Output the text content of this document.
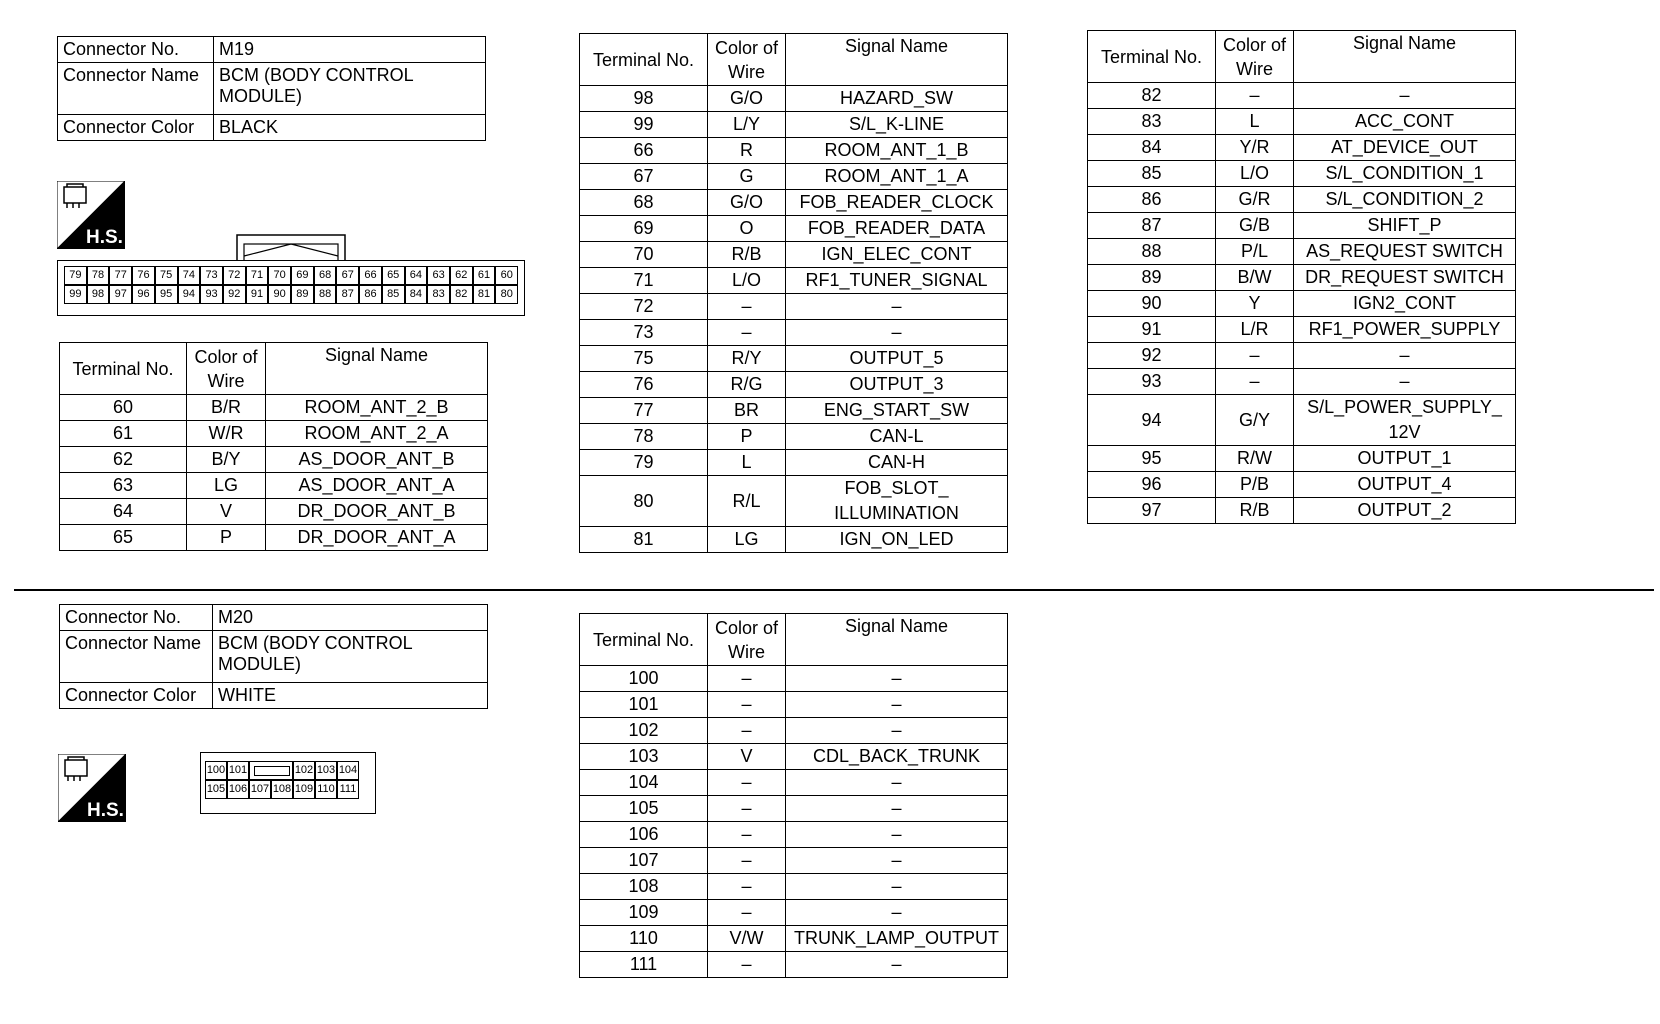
Connector No.	M19
Connector Name	BCM (BODY CONTROL MODULE)
Connector Color	BLACK
H.S.
79 78 77 76 75 74 73 72 71 70 69 68 67 66 65 64 63 62 61 60
99 98 97 96 95 94 93 92 91 90 89 88 87 86 85 84 83 82 81 80
Terminal No.	Color of Wire	Signal Name
60	B/R	ROOM_ANT_2_B
61	W/R	ROOM_ANT_2_A
62	B/Y	AS_DOOR_ANT_B
63	LG	AS_DOOR_ANT_A
64	V	DR_DOOR_ANT_B
65	P	DR_DOOR_ANT_A
Terminal No.	Color of Wire	Signal Name
98	G/O	HAZARD_SW
99	L/Y	S/L_K-LINE
66	R	ROOM_ANT_1_B
67	G	ROOM_ANT_1_A
68	G/O	FOB_READER_CLOCK
69	O	FOB_READER_DATA
70	R/B	IGN_ELEC_CONT
71	L/O	RF1_TUNER_SIGNAL
72	–	–
73	–	–
75	R/Y	OUTPUT_5
76	R/G	OUTPUT_3
77	BR	ENG_START_SW
78	P	CAN-L
79	L	CAN-H
80	R/L	FOB_SLOT_ ILLUMINATION
81	LG	IGN_ON_LED
Terminal No.	Color of Wire	Signal Name
82	–	–
83	L	ACC_CONT
84	Y/R	AT_DEVICE_OUT
85	L/O	S/L_CONDITION_1
86	G/R	S/L_CONDITION_2
87	G/B	SHIFT_P
88	P/L	AS_REQUEST SWITCH
89	B/W	DR_REQUEST SWITCH
90	Y	IGN2_CONT
91	L/R	RF1_POWER_SUPPLY
92	–	–
93	–	–
94	G/Y	S/L_POWER_SUPPLY_ 12V
95	R/W	OUTPUT_1
96	P/B	OUTPUT_4
97	R/B	OUTPUT_2
Connector No.	M20
Connector Name	BCM (BODY CONTROL MODULE)
Connector Color	WHITE
H.S.
100 101	102 103 104
105 106 107 108 109 110 111
Terminal No.	Color of Wire	Signal Name
100	–	–
101	–	–
102	–	–
103	V	CDL_BACK_TRUNK
104	–	–
105	–	–
106	–	–
107	–	–
108	–	–
109	–	–
110	V/W	TRUNK_LAMP_OUTPUT
111	–	–
